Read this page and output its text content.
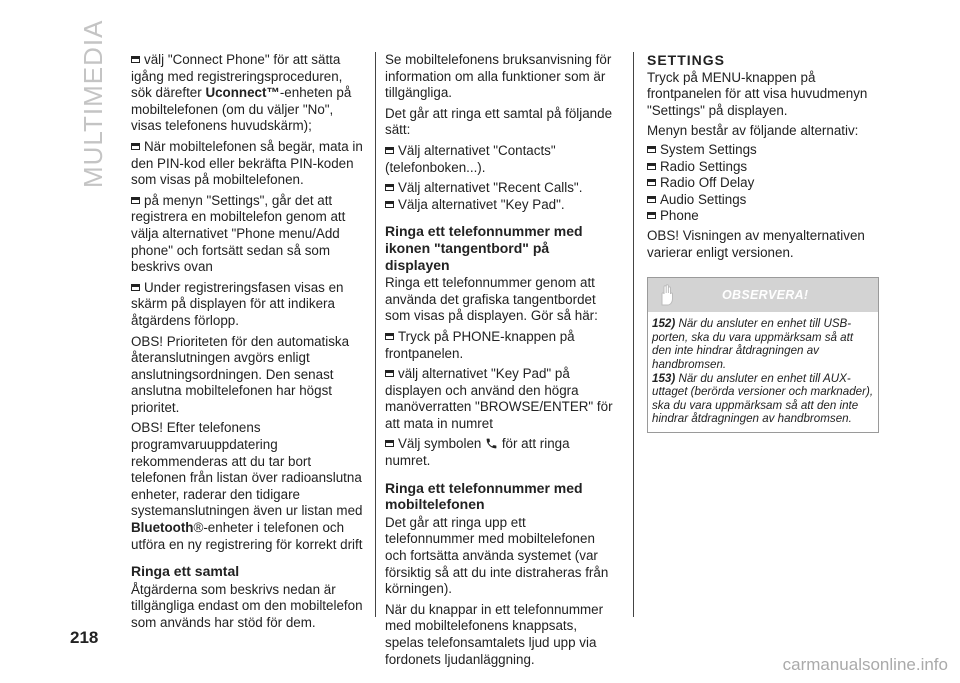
MULTIMEDIA
218

välj "Connect Phone" för att sätta igång med registreringsproceduren, sök därefter Uconnect™-enheten på mobiltelefonen (om du väljer "No", visas telefonens huvudskärm);

När mobiltelefonen så begär, mata in den PIN-kod eller bekräfta PIN-koden som visas på mobiltelefonen.

på menyn "Settings", går det att registrera en mobiltelefon genom att välja alternativet "Phone menu/Add phone" och fortsätt sedan så som beskrivs ovan

Under registreringsfasen visas en skärm på displayen för att indikera åtgärdens förlopp.

OBS! Prioriteten för den automatiska återanslutningen avgörs enligt anslutningsordningen. Den senast anslutna mobiltelefonen har högst prioritet.

OBS! Efter telefonens programvaruuppdatering rekommenderas att du tar bort telefonen från listan över radioanslutna enheter, raderar den tidigare systemanslutningen även ur listan med Bluetooth®-enheter i telefonen och utföra en ny registrering för korrekt drift

Ringa ett samtal

Åtgärderna som beskrivs nedan är tillgängliga endast om den mobiltelefon som används har stöd för dem.

Se mobiltelefonens bruksanvisning för information om alla funktioner som är tillgängliga.

Det går att ringa ett samtal på följande sätt:

Välj alternativet "Contacts" (telefonboken...).

Välj alternativet "Recent Calls".

Välja alternativet "Key Pad".

Ringa ett telefonnummer med ikonen "tangentbord" på displayen

Ringa ett telefonnummer genom att använda det grafiska tangentbordet som visas på displayen. Gör så här:

Tryck på PHONE-knappen på frontpanelen.

välj alternativet "Key Pad" på displayen och använd den högra manöverratten "BROWSE/ENTER" för att mata in numret

Välj symbolen  för att ringa numret.

Ringa ett telefonnummer med mobiltelefonen

Det går att ringa upp ett telefonnummer med mobiltelefonen och fortsätta använda systemet (var försiktig så att du inte distraheras från körningen).

När du knappar in ett telefonnummer med mobiltelefonens knappsats, spelas telefonsamtalets ljud upp via fordonets ljudanläggning.

SETTINGS

Tryck på MENU-knappen på frontpanelen för att visa huvudmenyn "Settings" på displayen.

Menyn består av följande alternativ:

System Settings
Radio Settings
Radio Off Delay
Audio Settings
Phone

OBS! Visningen av menyalternativen varierar enligt versionen.

OBSERVERA!

152) När du ansluter en enhet till USB-porten, ska du vara uppmärksam så att den inte hindrar åtdragningen av handbromsen.

153) När du ansluter en enhet till AUX-uttaget (berörda versioner och marknader), ska du vara uppmärksam så att den inte hindrar åtdragningen av handbromsen.

carmanualsonline.info
